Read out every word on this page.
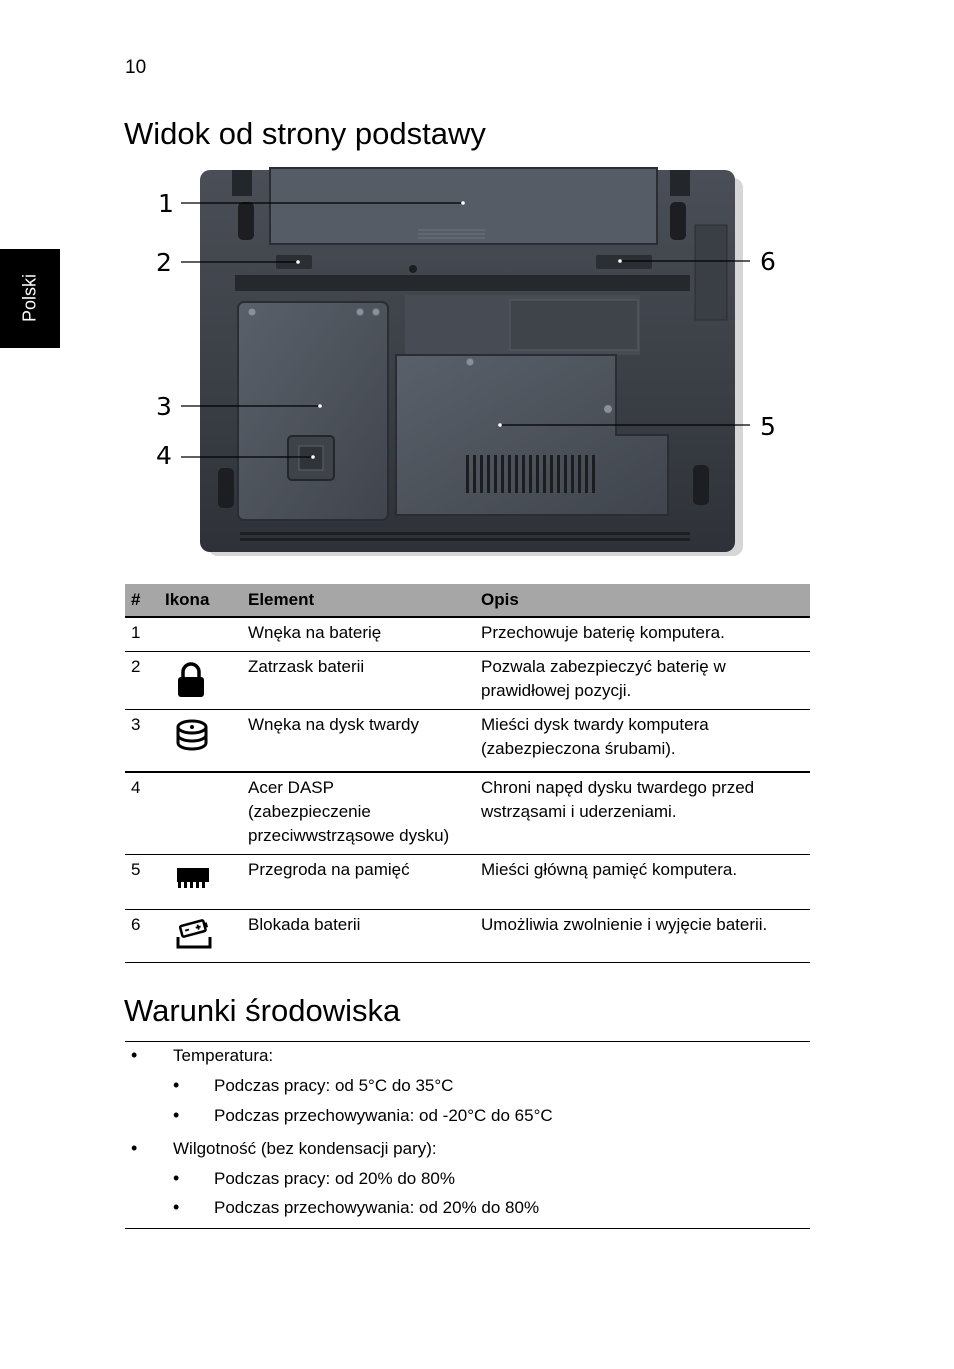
10
Polski
Widok od strony podstawy
1
2
3
4
5
6
#	Ikona	Element	Opis
1		Wnęka na baterię	Przechowuje baterię komputera.
2		Zatrzask baterii	Pozwala zabezpieczyć baterię w
prawidłowej pozycji.
3		Wnęka na dysk twardy	Mieści dysk twardy komputera
(zabezpieczona śrubami).
4		Acer DASP
(zabezpieczenie
przeciwwstrząsowe dysku)	Chroni napęd dysku twardego przed
wstrząsami i uderzeniami.
5		Przegroda na pamięć	Mieści główną pamięć komputera.
6		Blokada baterii	Umożliwia zwolnienie i wyjęcie baterii.
Warunki środowiska
• Temperatura:
• Podczas pracy: od 5°C do 35°C
• Podczas przechowywania: od -20°C do 65°C
• Wilgotność (bez kondensacji pary):
• Podczas pracy: od 20% do 80%
• Podczas przechowywania: od 20% do 80%
